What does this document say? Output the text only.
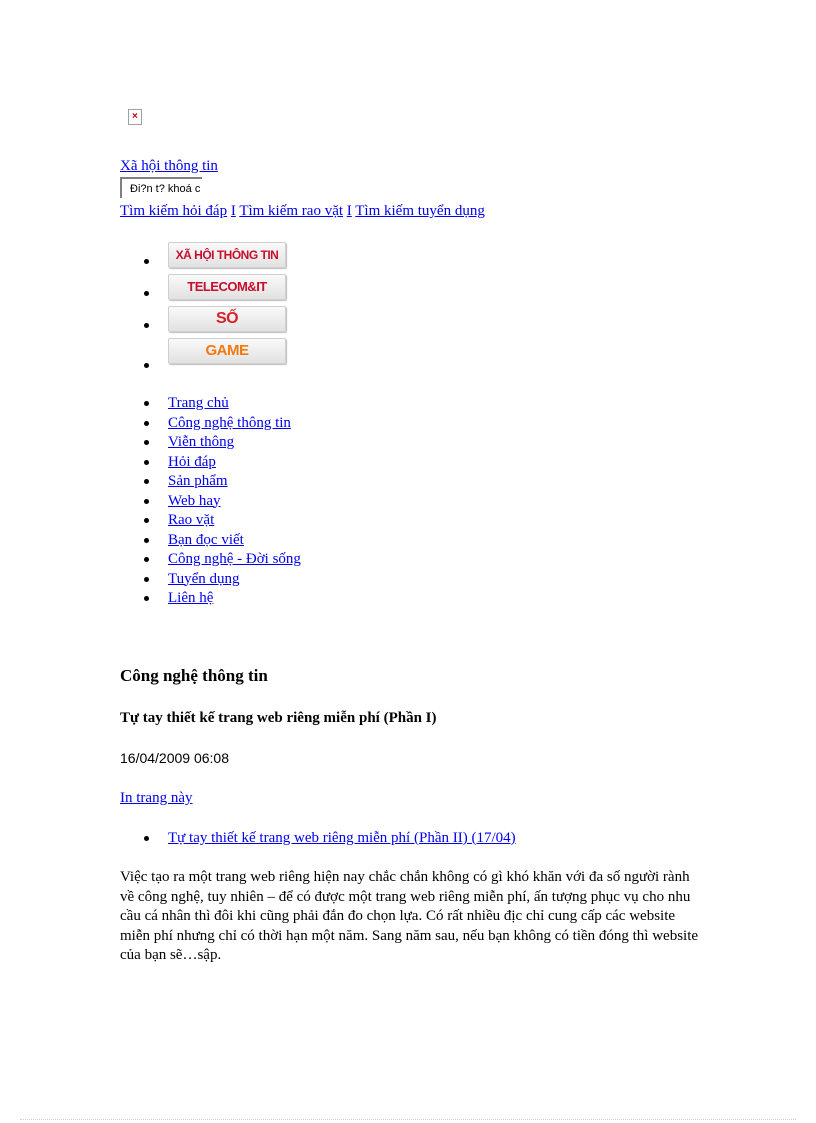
×
Xã hội thông tin
Đi?n t? khoá c
Tìm kiếm hỏi đáp I Tìm kiếm rao vặt I Tìm kiếm tuyển dụng
XÃ HỘI THÔNG TIN
TELECOM&IT
SỐ
GAME
Trang chủ
Công nghệ thông tin
Viễn thông
Hỏi đáp
Sản phẩm
Web hay
Rao vặt
Bạn đọc viết
Công nghệ - Đời sống
Tuyển dụng
Liên hệ
Công nghệ thông tin
Tự tay thiết kế trang web riêng miễn phí (Phần I)
16/04/2009 06:08
In trang này
Tự tay thiết kế trang web riêng miễn phí (Phần II) (17/04)

Việc tạo ra một trang web riêng hiện nay chắc chắn không có gì khó khăn với đa số người rành về công nghệ, tuy nhiên – để có được một trang web riêng miễn phí, ấn tượng phục vụ cho nhu cầu cá nhân thì đôi khi cũng phải đắn đo chọn lựa. Có rất nhiều địc chỉ cung cấp các website miễn phí nhưng chỉ có thời hạn một năm. Sang năm sau, nếu bạn không có tiền đóng thì website của bạn sẽ…sập.
